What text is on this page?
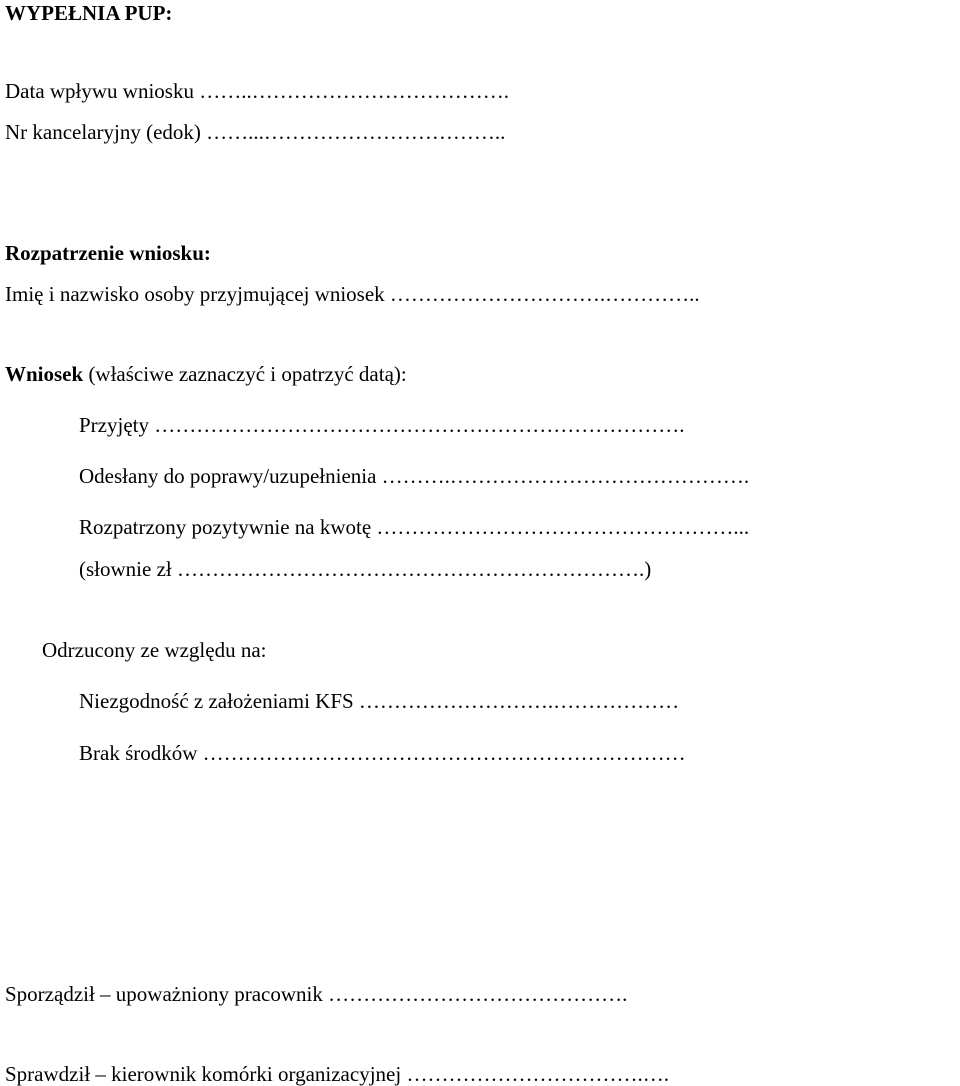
WYPEŁNIA PUP:
Data wpływu wniosku ……..……………………………….
Nr kancelaryjny (edok) ……...……………………………..
Rozpatrzenie wniosku:
Imię i nazwisko osoby przyjmującej wniosek ………………………….…………..
Wniosek (właściwe zaznaczyć i opatrzyć datą):
Przyjęty ………………………………………………………………….
Odesłany do poprawy/uzupełnienia ……….…………………………………….
Rozpatrzony pozytywnie na kwotę ……………………………………………...
(słownie zł ………………………………………………………….)
Odrzucony ze względu na:
Niezgodność z założeniami KFS ……………………….………………
Brak środków ……………………………………………………………
Sporządził – upoważniony pracownik …………………………………….
Sprawdził – kierownik komórki organizacyjnej …………………………….….
